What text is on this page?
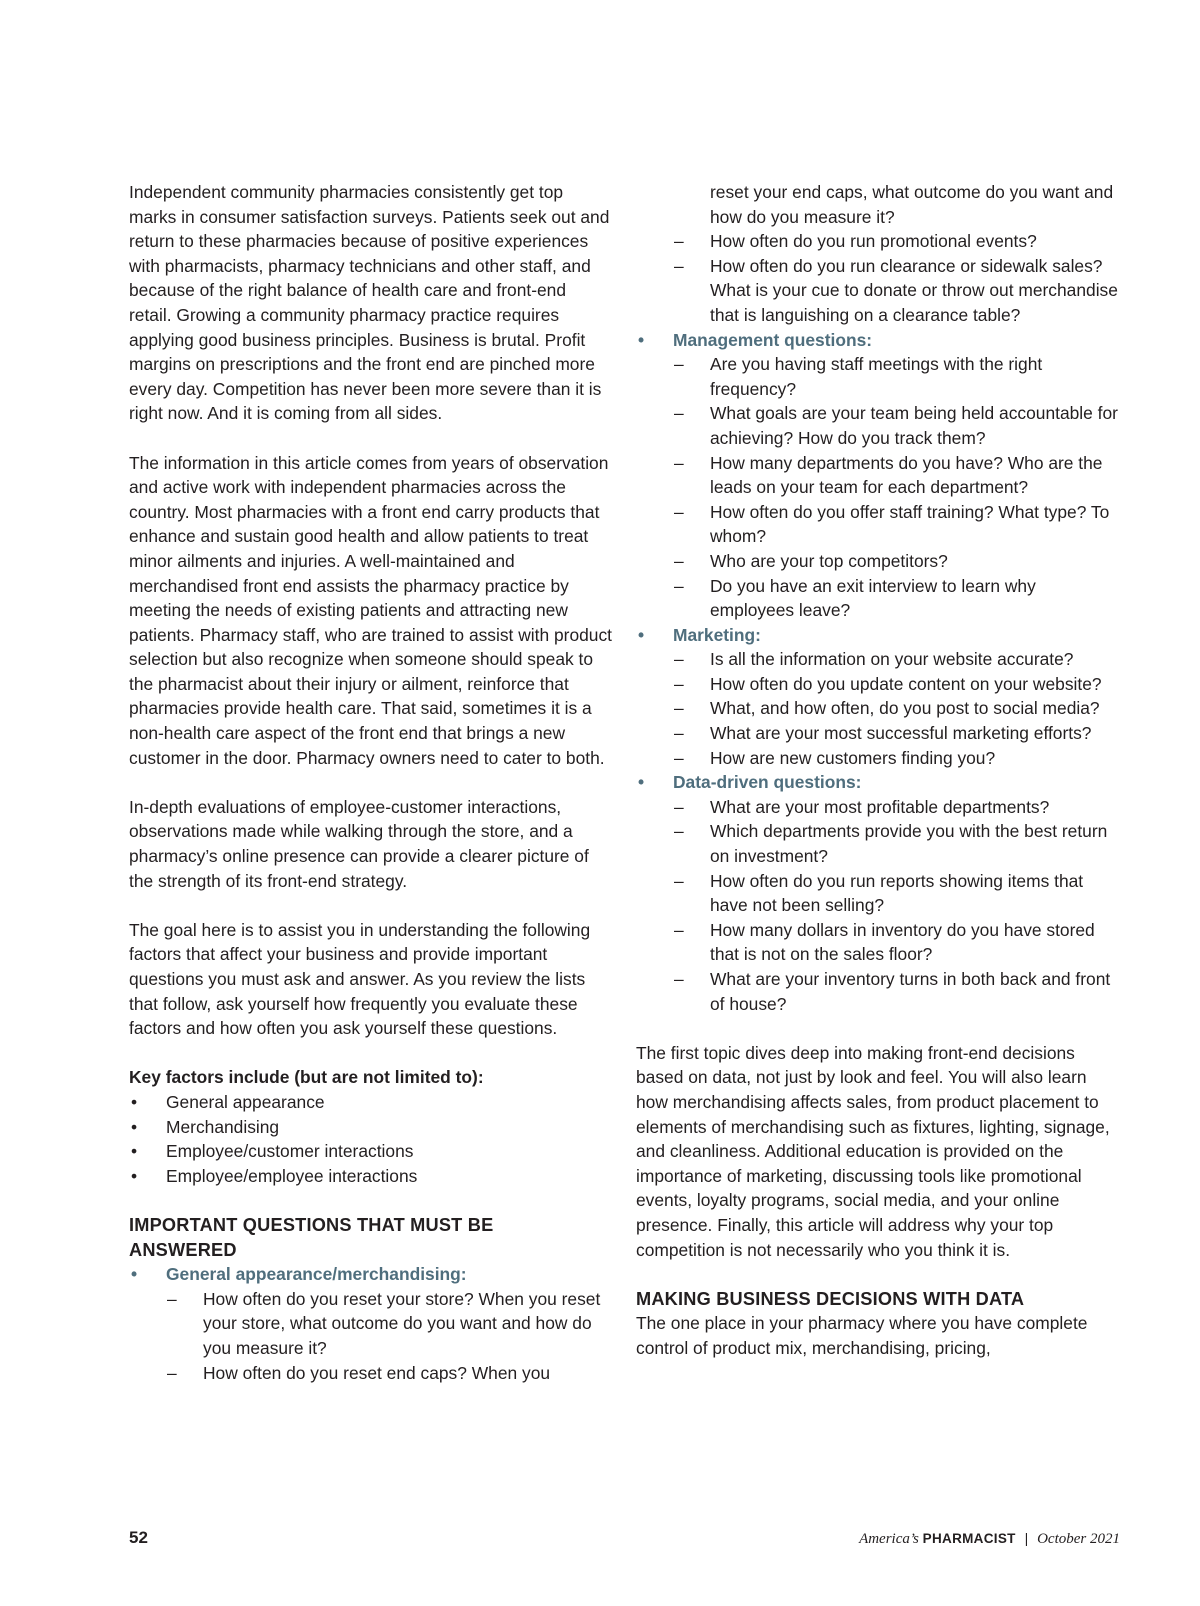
Independent community pharmacies consistently get top marks in consumer satisfaction surveys. Patients seek out and return to these pharmacies because of positive experiences with pharmacists, pharmacy technicians and other staff, and because of the right balance of health care and front-end retail. Growing a community pharmacy practice requires applying good business principles. Business is brutal. Profit margins on prescriptions and the front end are pinched more every day. Competition has never been more severe than it is right now. And it is coming from all sides.

The information in this article comes from years of observation and active work with independent pharmacies across the country. Most pharmacies with a front end carry products that enhance and sustain good health and allow patients to treat minor ailments and injuries. A well-maintained and merchandised front end assists the pharmacy practice by meeting the needs of existing patients and attracting new patients. Pharmacy staff, who are trained to assist with product selection but also recognize when someone should speak to the pharmacist about their injury or ailment, reinforce that pharmacies provide health care. That said, sometimes it is a non-health care aspect of the front end that brings a new customer in the door. Pharmacy owners need to cater to both.

In-depth evaluations of employee-customer interactions, observations made while walking through the store, and a pharmacy’s online presence can provide a clearer picture of the strength of its front-end strategy.

The goal here is to assist you in understanding the following factors that affect your business and provide important questions you must ask and answer. As you review the lists that follow, ask yourself how frequently you evaluate these factors and how often you ask yourself these questions.

Key factors include (but are not limited to):
• General appearance
• Merchandising
• Employee/customer interactions
• Employee/employee interactions
IMPORTANT QUESTIONS THAT MUST BE
ANSWERED
• General appearance/merchandising:
– How often do you reset your store? When you reset your store, what outcome do you want and how do you measure it?
– How often do you reset end caps? When you
reset your end caps, what outcome do you want and how do you measure it?
– How often do you run promotional events?
– How often do you run clearance or sidewalk sales? What is your cue to donate or throw out merchandise that is languishing on a clearance table?
• Management questions:
– Are you having staff meetings with the right frequency?
– What goals are your team being held accountable for achieving? How do you track them?
– How many departments do you have? Who are the leads on your team for each department?
– How often do you offer staff training? What type? To whom?
– Who are your top competitors?
– Do you have an exit interview to learn why employees leave?
• Marketing:
– Is all the information on your website accurate?
– How often do you update content on your website?
– What, and how often, do you post to social media?
– What are your most successful marketing efforts?
– How are new customers finding you?
• Data-driven questions:
– What are your most profitable departments?
– Which departments provide you with the best return on investment?
– How often do you run reports showing items that have not been selling?
– How many dollars in inventory do you have stored that is not on the sales floor?
– What are your inventory turns in both back and front of house?

The first topic dives deep into making front-end decisions based on data, not just by look and feel. You will also learn how merchandising affects sales, from product placement to elements of merchandising such as fixtures, lighting, signage, and cleanliness. Additional education is provided on the importance of marketing, discussing tools like promotional events, loyalty programs, social media, and your online presence. Finally, this article will address why your top competition is not necessarily who you think it is.

MAKING BUSINESS DECISIONS WITH DATA

The one place in your pharmacy where you have complete control of product mix, merchandising, pricing,

52	America’s PHARMACIST | October 2021
